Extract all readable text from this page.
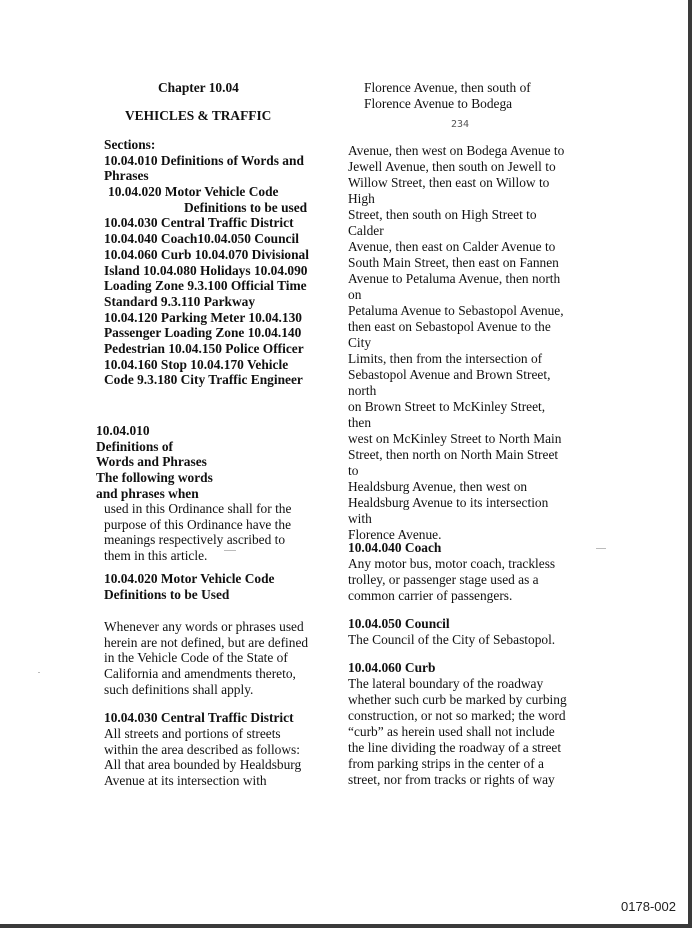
Chapter 10.04
VEHICLES & TRAFFIC
Sections:
10.04.010 Definitions of Words and
Phrases
10.04.020 Motor Vehicle Code
Definitions to be used
10.04.030 Central Traffic District
10.04.040 Coach10.04.050 Council
10.04.060 Curb 10.04.070 Divisional
Island 10.04.080 Holidays 10.04.090
Loading Zone 9.3.100 Official Time
Standard 9.3.110 Parkway
10.04.120 Parking Meter 10.04.130
Passenger Loading Zone 10.04.140
Pedestrian 10.04.150 Police Officer
10.04.160 Stop 10.04.170 Vehicle
Code 9.3.180 City Traffic Engineer
10.04.010
Definitions of
Words and Phrases
The following words
and phrases when
used in this Ordinance shall for the
purpose of this Ordinance have the
meanings respectively ascribed to
them in this article.
10.04.020 Motor Vehicle Code
Definitions to be Used
Whenever any words or phrases used
herein are not defined, but are defined
in the Vehicle Code of the State of
California and amendments thereto,
such definitions shall apply.
10.04.030 Central Traffic District
All streets and portions of streets
within the area described as follows:
All that area bounded by Healdsburg
Avenue at its intersection with
Florence Avenue, then south of
Florence Avenue to Bodega
234
Avenue, then west on Bodega Avenue to
Jewell Avenue, then south on Jewell to
Willow Street, then east on Willow to
High
Street, then south on High Street to
Calder
Avenue, then east on Calder Avenue to
South Main Street, then east on Fannen
Avenue to Petaluma Avenue, then north
on
Petaluma Avenue to Sebastopol Avenue,
then east on Sebastopol Avenue to the
City
Limits, then from the intersection of
Sebastopol Avenue and Brown Street,
north
on Brown Street to McKinley Street,
then
west on McKinley Street to North Main
Street, then north on North Main Street
to
Healdsburg Avenue, then west on
Healdsburg Avenue to its intersection
with
Florence Avenue.
10.04.040 Coach
Any motor bus, motor coach, trackless
trolley, or passenger stage used as a
common carrier of passengers.
10.04.050 Council
The Council of the City of Sebastopol.
10.04.060 Curb
The lateral boundary of the roadway
whether such curb be marked by curbing
construction, or not so marked; the word
“curb” as herein used shall not include
the line dividing the roadway of a street
from parking strips in the center of a
street, nor from tracks or rights of way
0178-002
